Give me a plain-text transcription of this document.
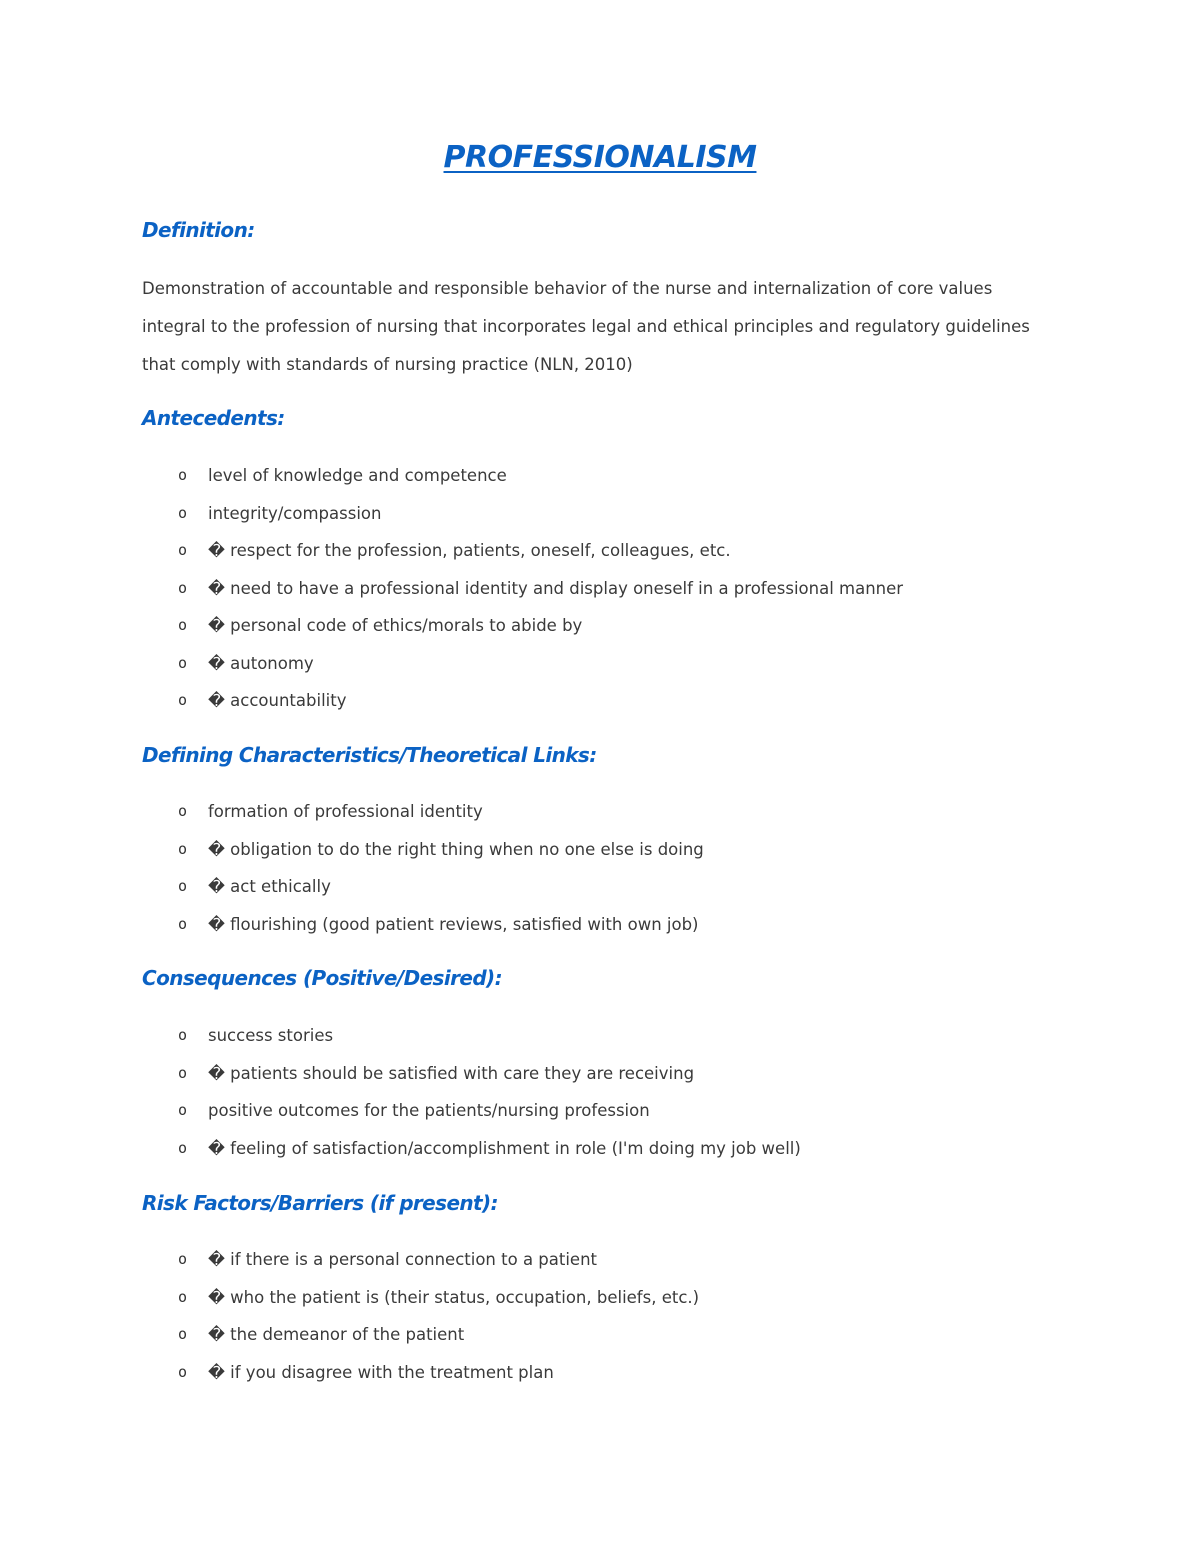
PROFESSIONALISM
Definition:

Demonstration of accountable and responsible behavior of the nurse and internalization of core values
integral to the profession of nursing that incorporates legal and ethical principles and regulatory guidelines
that comply with standards of nursing practice (NLN, 2010)

Antecedents:
o level of knowledge and competence
o integrity/compassion
o � respect for the profession, patients, oneself, colleagues, etc.
o � need to have a professional identity and display oneself in a professional manner
o � personal code of ethics/morals to abide by
o � autonomy
o � accountability
Defining Characteristics/Theoretical Links:
o formation of professional identity
o � obligation to do the right thing when no one else is doing
o � act ethically
o � flourishing (good patient reviews, satisfied with own job)
Consequences (Positive/Desired):
o success stories
o � patients should be satisfied with care they are receiving
o positive outcomes for the patients/nursing profession
o � feeling of satisfaction/accomplishment in role (I'm doing my job well)
Risk Factors/Barriers (if present):
o � if there is a personal connection to a patient
o � who the patient is (their status, occupation, beliefs, etc.)
o � the demeanor of the patient
o � if you disagree with the treatment plan
